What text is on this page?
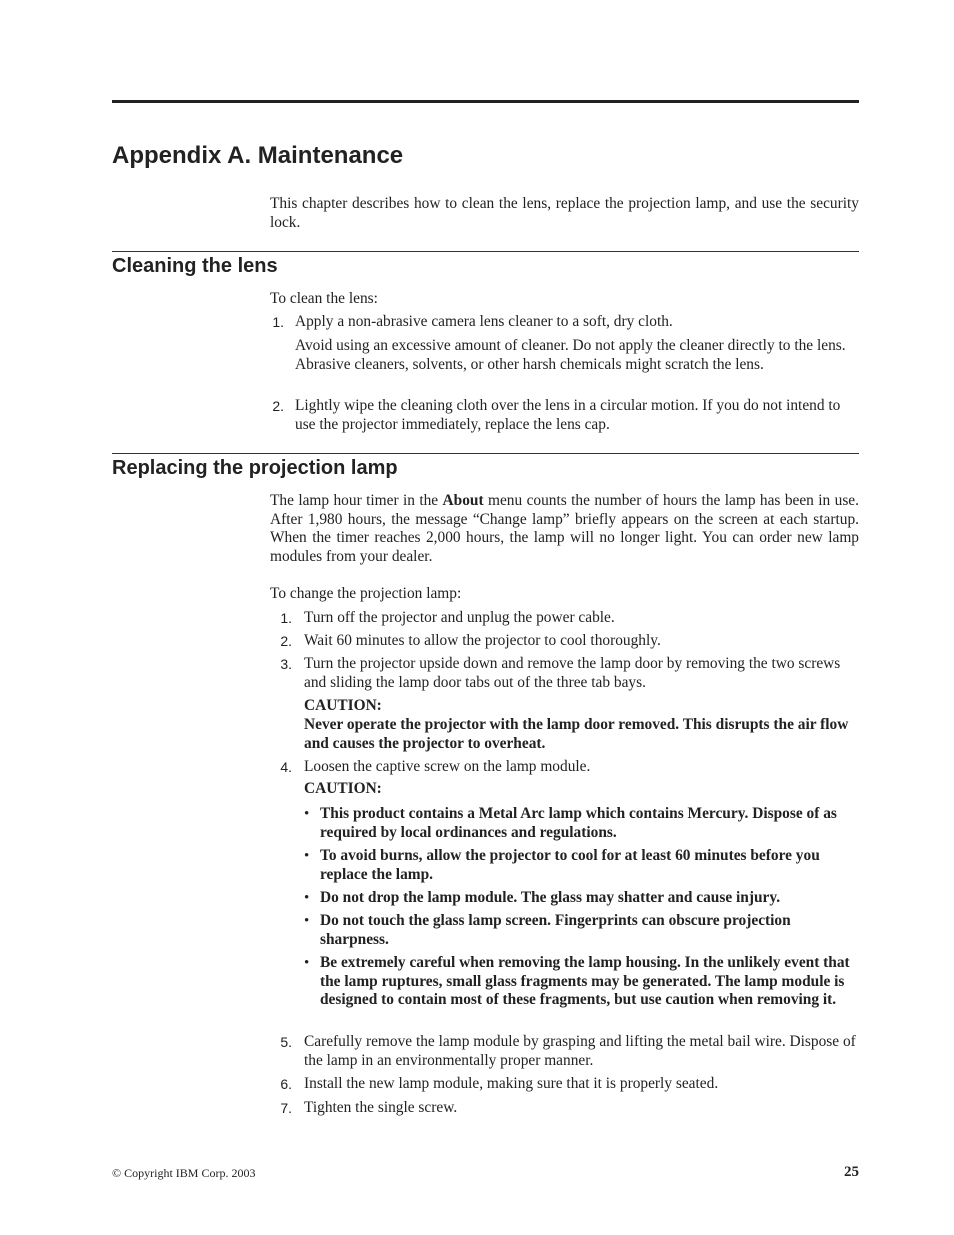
Appendix A. Maintenance

This chapter describes how to clean the lens, replace the projection lamp, and use the security lock.

Cleaning the lens

To clean the lens:

1. Apply a non-abrasive camera lens cleaner to a soft, dry cloth.

Avoid using an excessive amount of cleaner. Do not apply the cleaner directly to the lens. Abrasive cleaners, solvents, or other harsh chemicals might scratch the lens.

2. Lightly wipe the cleaning cloth over the lens in a circular motion. If you do not intend to use the projector immediately, replace the lens cap.

Replacing the projection lamp

The lamp hour timer in the About menu counts the number of hours the lamp has been in use. After 1,980 hours, the message “Change lamp” briefly appears on the screen at each startup. When the timer reaches 2,000 hours, the lamp will no longer light. You can order new lamp modules from your dealer.

To change the projection lamp:

1. Turn off the projector and unplug the power cable.

2. Wait 60 minutes to allow the projector to cool thoroughly.

3. Turn the projector upside down and remove the lamp door by removing the two screws and sliding the lamp door tabs out of the three tab bays.

CAUTION:

Never operate the projector with the lamp door removed. This disrupts the air flow and causes the projector to overheat.

4. Loosen the captive screw on the lamp module.

CAUTION:

• This product contains a Metal Arc lamp which contains Mercury. Dispose of as required by local ordinances and regulations.

• To avoid burns, allow the projector to cool for at least 60 minutes before you replace the lamp.

• Do not drop the lamp module. The glass may shatter and cause injury.

• Do not touch the glass lamp screen. Fingerprints can obscure projection sharpness.

• Be extremely careful when removing the lamp housing. In the unlikely event that the lamp ruptures, small glass fragments may be generated. The lamp module is designed to contain most of these fragments, but use caution when removing it.

5. Carefully remove the lamp module by grasping and lifting the metal bail wire. Dispose of the lamp in an environmentally proper manner.

6. Install the new lamp module, making sure that it is properly seated.

7. Tighten the single screw.

© Copyright IBM Corp. 2003	25
